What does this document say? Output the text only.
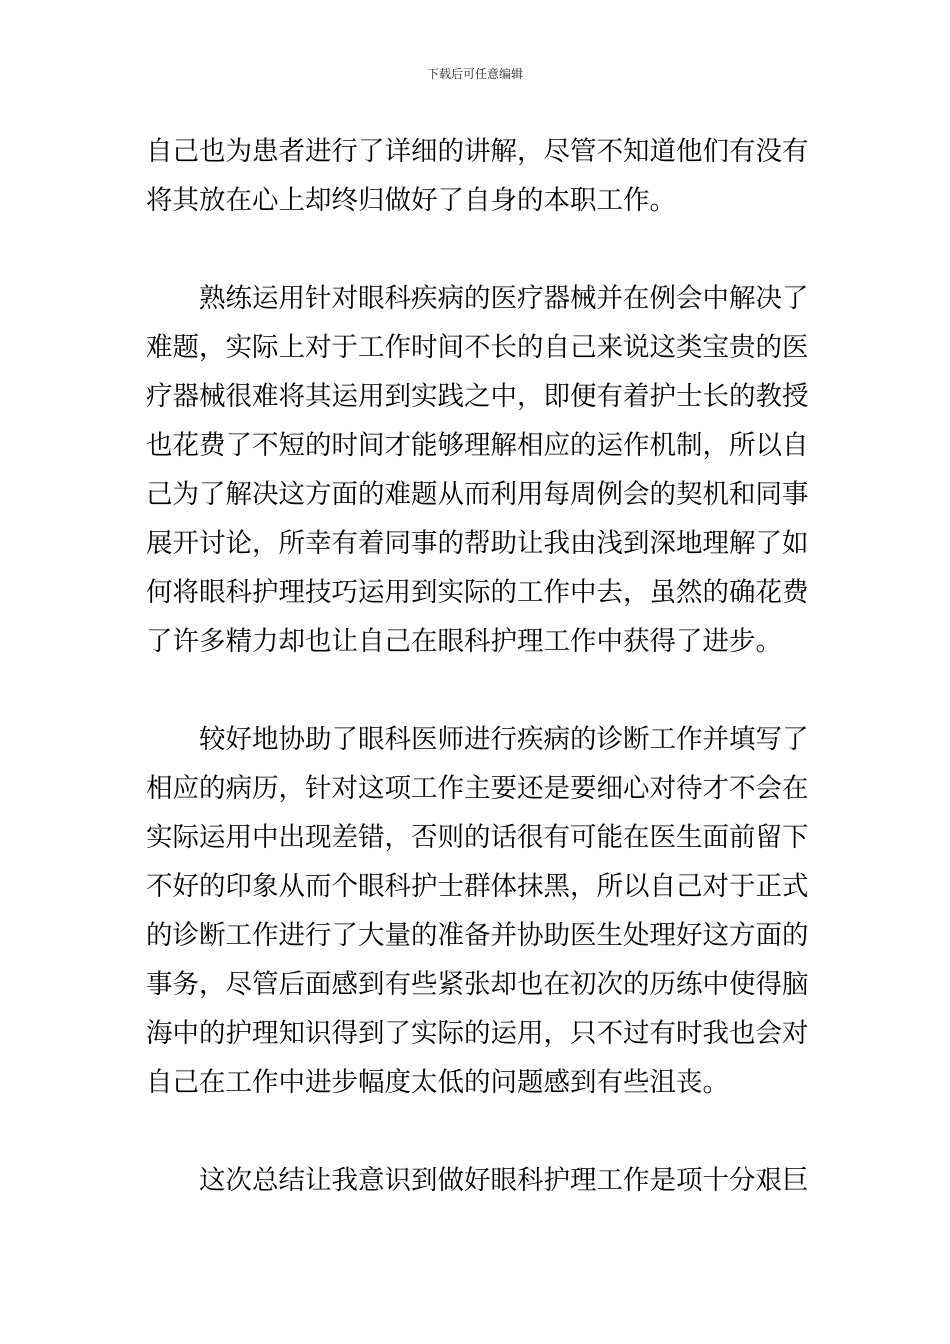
下载后可任意编辑
自己也为患者进行了详细的讲解，尽管不知道他们有没有
将其放在心上却终归做好了自身的本职工作。
熟练运用针对眼科疾病的医疗器械并在例会中解决了
难题，实际上对于工作时间不长的自己来说这类宝贵的医
疗器械很难将其运用到实践之中，即便有着护士长的教授
也花费了不短的时间才能够理解相应的运作机制，所以自
己为了解决这方面的难题从而利用每周例会的契机和同事
展开讨论，所幸有着同事的帮助让我由浅到深地理解了如
何将眼科护理技巧运用到实际的工作中去，虽然的确花费
了许多精力却也让自己在眼科护理工作中获得了进步。
较好地协助了眼科医师进行疾病的诊断工作并填写了
相应的病历，针对这项工作主要还是要细心对待才不会在
实际运用中出现差错，否则的话很有可能在医生面前留下
不好的印象从而个眼科护士群体抹黑，所以自己对于正式
的诊断工作进行了大量的准备并协助医生处理好这方面的
事务，尽管后面感到有些紧张却也在初次的历练中使得脑
海中的护理知识得到了实际的运用，只不过有时我也会对
自己在工作中进步幅度太低的问题感到有些沮丧。
这次总结让我意识到做好眼科护理工作是项十分艰巨
